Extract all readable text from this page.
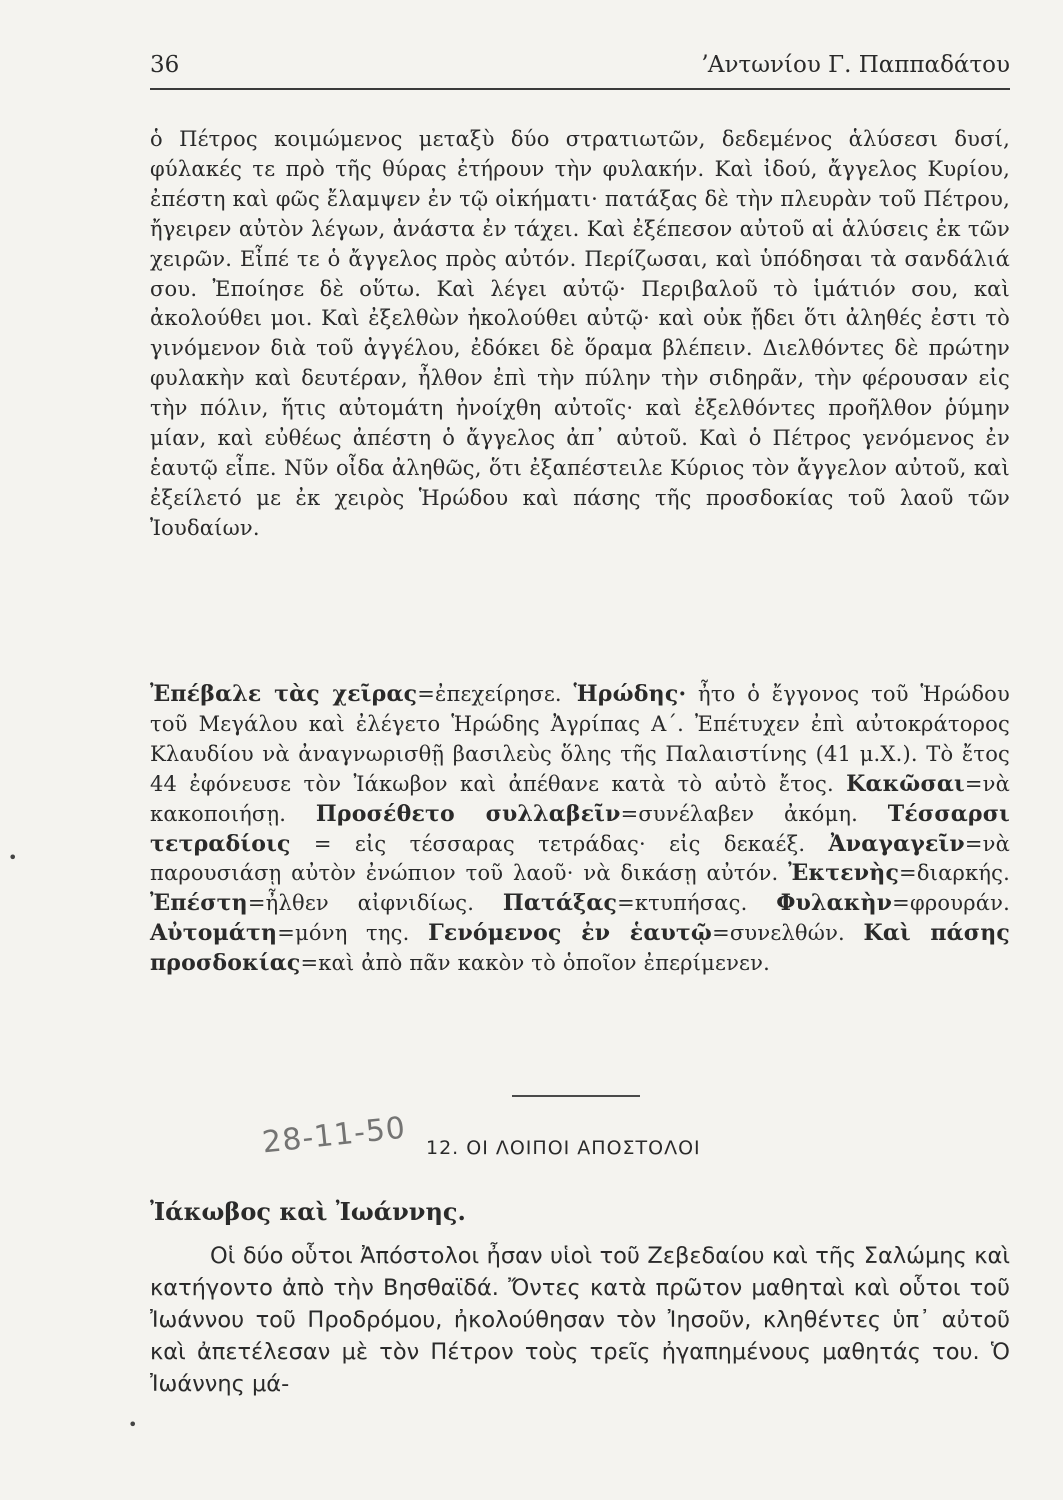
36	ʼΑντωνίου Γ. Παππαδάτου

ὁ Πέτρος κοιμώμενος μεταξὺ δύο στρατιωτῶν, δεδεμένος ἁλύσεσι δυσί, φύλακές τε πρὸ τῆς θύρας ἐτήρουν τὴν φυλακήν. Καὶ ἰδού, ἄγγελος Κυρίου, ἐπέστη καὶ φῶς ἔλαμψεν ἐν τῷ οἰκήματι· πατάξας δὲ τὴν πλευρὰν τοῦ Πέτρου, ἤγειρεν αὐτὸν λέγων, ἀνάστα ἐν τάχει. Καὶ ἐξέπεσον αὐτοῦ αἱ ἁλύσεις ἐκ τῶν χειρῶν. Εἶπέ τε ὁ ἄγγελος πρὸς αὐτόν. Περίζωσαι, καὶ ὑπόδησαι τὰ σανδάλιά σου. Ἐποίησε δὲ οὕτω. Καὶ λέγει αὐτῷ· Περιβαλοῦ τὸ ἱμάτιόν σου, καὶ ἀκολούθει μοι. Καὶ ἐξελθὼν ἠκολούθει αὐτῷ· καὶ οὐκ ᾔδει ὅτι ἀληθές ἐστι τὸ γινόμενον διὰ τοῦ ἀγγέλου, ἐδόκει δὲ ὅραμα βλέπειν. Διελθόντες δὲ πρώτην φυλακὴν καὶ δευτέραν, ἦλθον ἐπὶ τὴν πύλην τὴν σιδηρᾶν, τὴν φέρουσαν εἰς τὴν πόλιν, ἥτις αὐτομάτη ἠνοίχθη αὐτοῖς· καὶ ἐξελθόντες προῆλθον ῥύμην μίαν, καὶ εὐθέως ἀπέστη ὁ ἄγγελος ἀπ᾿ αὐτοῦ. Καὶ ὁ Πέτρος γενόμενος ἐν ἑαυτῷ εἶπε. Νῦν οἶδα ἀληθῶς, ὅτι ἐξαπέστειλε Κύριος τὸν ἄγγελον αὐτοῦ, καὶ ἐξείλετό με ἐκ χειρὸς Ἡρώδου καὶ πάσης τῆς προσδοκίας τοῦ λαοῦ τῶν Ἰουδαίων.

Ἐπέβαλε τὰς χεῖρας=ἐπεχείρησε. Ἡρώδης· ἦτο ὁ ἔγγονος τοῦ Ἡρώδου τοῦ Μεγάλου καὶ ἐλέγετο Ἡρώδης Ἀγρίπας Α΄. Ἐπέτυχεν ἐπὶ αὐτοκράτορος Κλαυδίου νὰ ἀναγνωρισθῇ βασιλεὺς ὅλης τῆς Παλαιστίνης (41 μ.Χ.). Τὸ ἔτος 44 ἐφόνευσε τὸν Ἰάκωβον καὶ ἀπέθανε κατὰ τὸ αὐτὸ ἔτος. Κακῶσαι=νὰ κακοποιήσῃ. Προσέθετο συλλαβεῖν=συνέλαβεν ἀκόμη. Τέσσαρσι τετραδίοις = εἰς τέσσαρας τετράδας· εἰς δεκαέξ. Ἀναγαγεῖν=νὰ παρουσιάσῃ αὐτὸν ἐνώπιον τοῦ λαοῦ· νὰ δικάσῃ αὐτόν. Ἐκτενὴς=διαρκής. Ἐπέστη=ἦλθεν αἰφνιδίως. Πατάξας=κτυπήσας. Φυλακὴν=φρουράν. Αὐτομάτη=μόνη της. Γενόμενος ἐν ἑαυτῷ=συνελθών. Καὶ πάσης προσδοκίας=καὶ ἀπὸ πᾶν κακὸν τὸ ὁποῖον ἐπερίμενεν.

28-11-50 12. ΟΙ ΛΟΙΠΟΙ ΑΠΟΣΤΟΛΟΙ
Ἰάκωβος καὶ Ἰωάννης.

Οἱ δύο οὗτοι Ἀπόστολοι ἦσαν υἱοὶ τοῦ Ζεβεδαίου καὶ τῆς Σαλώμης καὶ κατήγοντο ἀπὸ τὴν Βησθαϊδά. Ὄντες κατὰ πρῶτον μαθηταὶ καὶ οὗτοι τοῦ Ἰωάννου τοῦ Προδρόμου, ἠκολούθησαν τὸν Ἰησοῦν, κληθέντες ὑπ᾿ αὐτοῦ καὶ ἀπετέλεσαν μὲ τὸν Πέτρον τοὺς τρεῖς ἠγαπημένους μαθητάς του. Ὁ Ἰωάννης μά-

•
•
